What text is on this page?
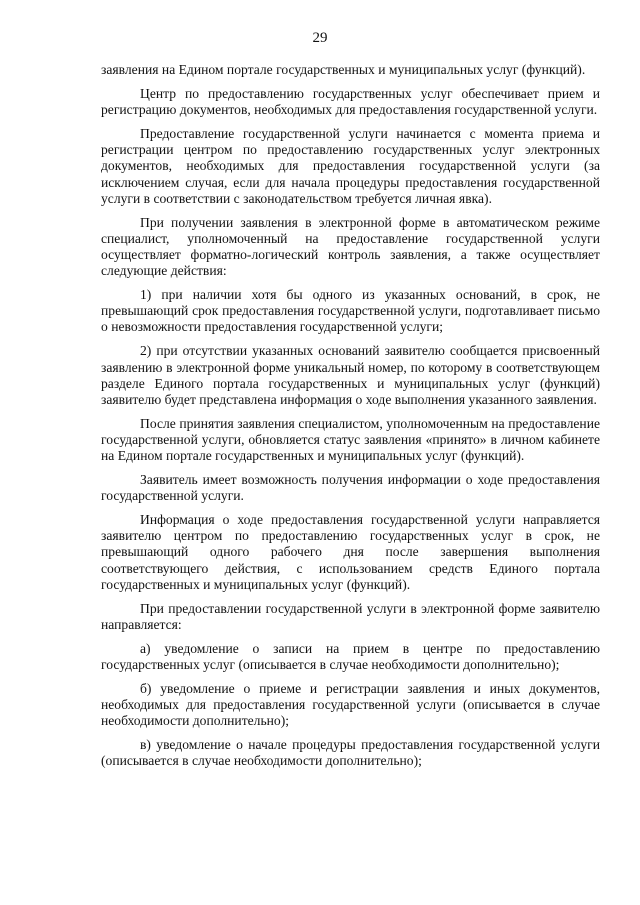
29

заявления на Едином портале государственных и муниципальных услуг (функций).

Центр по предоставлению государственных услуг обеспечивает прием и регистрацию документов, необходимых для предоставления государственной услуги.

Предоставление государственной услуги начинается с момента приема и регистрации центром по предоставлению государственных услуг электронных документов, необходимых для предоставления государственной услуги (за исключением случая, если для начала процедуры предоставления государственной услуги в соответствии с законодательством требуется личная явка).

При получении заявления в электронной форме в автоматическом режиме специалист, уполномоченный на предоставление государственной услуги осуществляет форматно-логический контроль заявления, а также осуществляет следующие действия:

1) при наличии хотя бы одного из указанных оснований, в срок, не превышающий срок предоставления государственной услуги, подготавливает письмо о невозможности предоставления государственной услуги;

2) при отсутствии указанных оснований заявителю сообщается присвоенный заявлению в электронной форме уникальный номер, по которому в соответствующем разделе Единого портала государственных и муниципальных услуг (функций) заявителю будет представлена информация о ходе выполнения указанного заявления.

После принятия заявления специалистом, уполномоченным на предоставление государственной услуги, обновляется статус заявления «принято» в личном кабинете на Едином портале государственных и муниципальных услуг (функций).

Заявитель имеет возможность получения информации о ходе предоставления государственной услуги.

Информация о ходе предоставления государственной услуги направляется заявителю центром по предоставлению государственных услуг в срок, не превышающий одного рабочего дня после завершения выполнения соответствующего действия, с использованием средств Единого портала государственных и муниципальных услуг (функций).

При предоставлении государственной услуги в электронной форме заявителю направляется:

а) уведомление о записи на прием в центре по предоставлению государственных услуг (описывается в случае необходимости дополнительно);

б) уведомление о приеме и регистрации заявления и иных документов, необходимых для предоставления государственной услуги (описывается в случае необходимости дополнительно);

в) уведомление о начале процедуры предоставления государственной услуги (описывается в случае необходимости дополнительно);
